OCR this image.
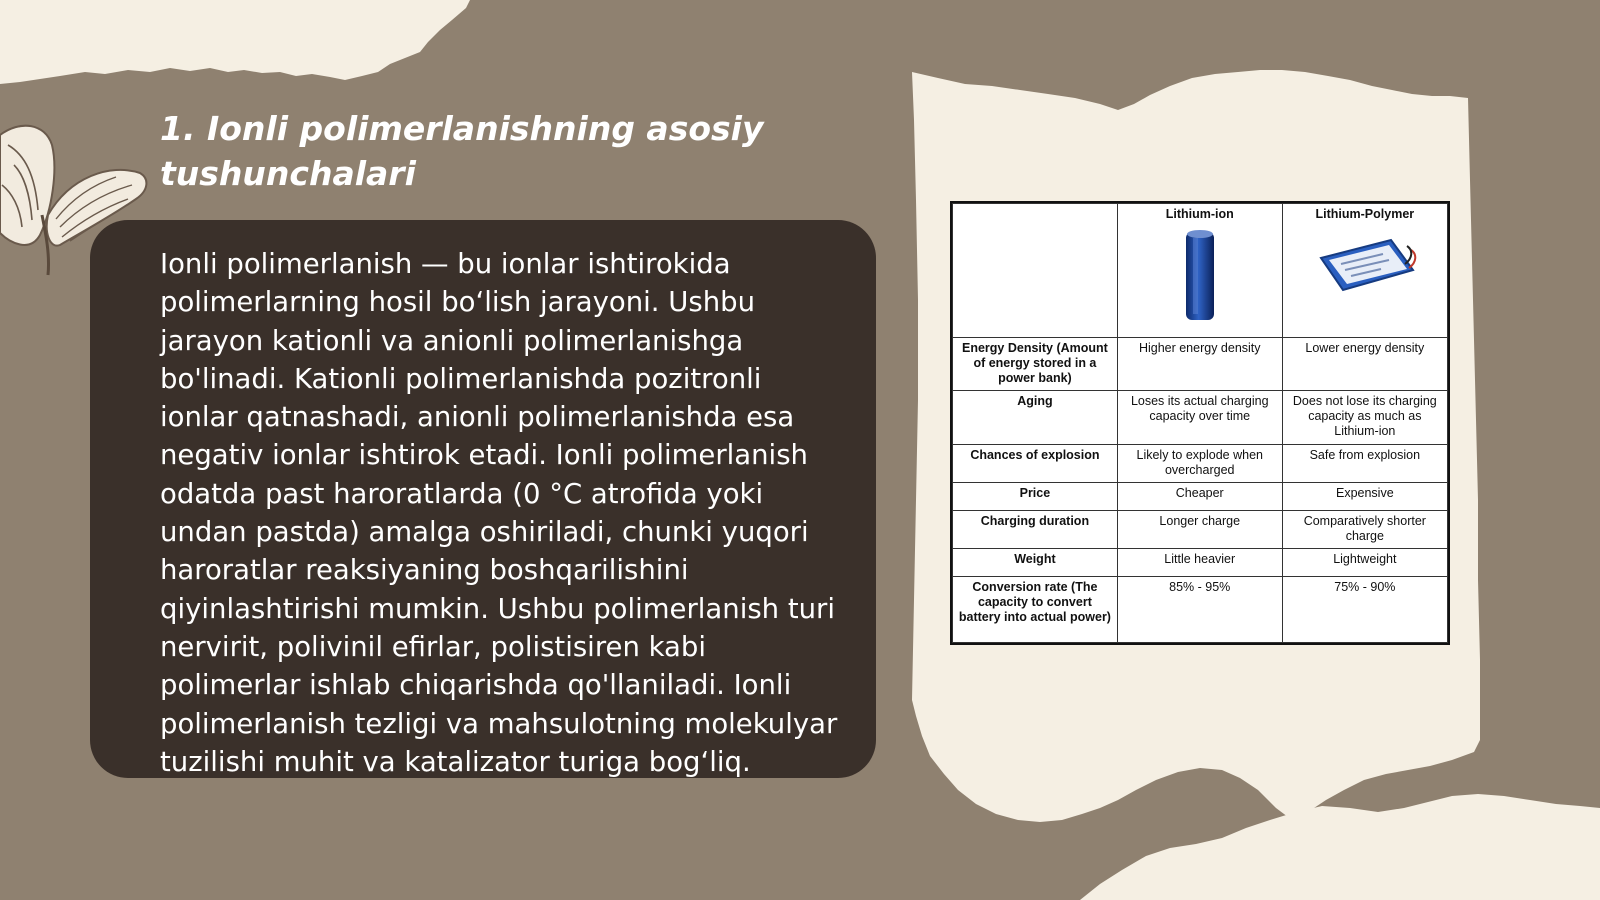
1. Ionli polimerlanishning asosiy tushunchalari
Ionli polimerlanish — bu ionlar ishtirokida polimerlarning hosil bo‘lish jarayoni. Ushbu jarayon kationli va anionli polimerlanishga bo'linadi. Kationli polimerlanishda pozitronli ionlar qatnashadi, anionli polimerlanishda esa negativ ionlar ishtirok etadi. Ionli polimerlanish odatda past haroratlarda (0 °C atrofida yoki undan pastda) amalga oshiriladi, chunki yuqori haroratlar reaksiyaning boshqarilishini qiyinlashtirishi mumkin. Ushbu polimerlanish turi nervirit, polivinil efirlar, polistisiren kabi polimerlar ishlab chiqarishda qo'llaniladi. Ionli polimerlanish tezligi va mahsulotning molekulyar tuzilishi muhit va katalizator turiga bog‘liq.

	Lithium-ion	Lithium-Polymer

Energy Density (Amount of energy stored in a power bank)	Higher energy density	Lower energy density
Aging	Loses its actual charging capacity over time	Does not lose its charging capacity as much as Lithium-ion
Chances of explosion	Likely to explode when overcharged	Safe from explosion
Price	Cheaper	Expensive
Charging duration	Longer charge	Comparatively shorter charge
Weight	Little heavier	Lightweight
Conversion rate (The capacity to convert battery into actual power)	85% - 95%	75% - 90%
